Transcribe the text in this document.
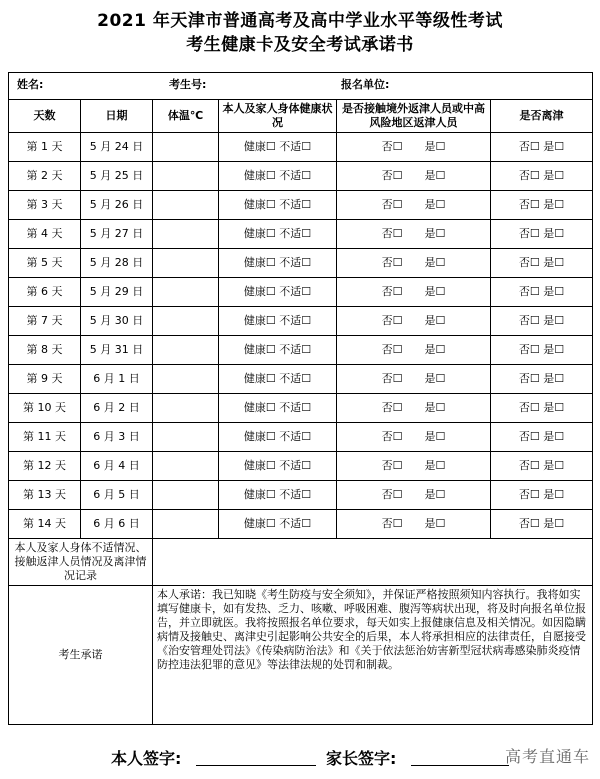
2021 年天津市普通高考及高中学业水平等级性考试
考生健康卡及安全考试承诺书
姓名: 考生号: 报名单位:					

天数	日期	体温℃	本人及家人身体健康状况	是否接触境外返津人员或中高风险地区返津人员	是否离津
第 1 天	5 月 24 日		健康☐ 不适☐	否☐ 是☐	否☐ 是☐
第 2 天	5 月 25 日		健康☐ 不适☐	否☐ 是☐	否☐ 是☐
第 3 天	5 月 26 日		健康☐ 不适☐	否☐ 是☐	否☐ 是☐
第 4 天	5 月 27 日		健康☐ 不适☐	否☐ 是☐	否☐ 是☐
第 5 天	5 月 28 日		健康☐ 不适☐	否☐ 是☐	否☐ 是☐
第 6 天	5 月 29 日		健康☐ 不适☐	否☐ 是☐	否☐ 是☐
第 7 天	5 月 30 日		健康☐ 不适☐	否☐ 是☐	否☐ 是☐
第 8 天	5 月 31 日		健康☐ 不适☐	否☐ 是☐	否☐ 是☐
第 9 天	6 月 1 日		健康☐ 不适☐	否☐ 是☐	否☐ 是☐
第 10 天	6 月 2 日		健康☐ 不适☐	否☐ 是☐	否☐ 是☐
第 11 天	6 月 3 日		健康☐ 不适☐	否☐ 是☐	否☐ 是☐
第 12 天	6 月 4 日		健康☐ 不适☐	否☐ 是☐	否☐ 是☐
第 13 天	6 月 5 日		健康☐ 不适☐	否☐ 是☐	否☐ 是☐
第 14 天	6 月 6 日		健康☐ 不适☐	否☐ 是☐	否☐ 是☐
本人及家人身体不适情况、接触返津人员情况及离津情况记录					
考生承诺		本人承诺：我已知晓《考生防疫与安全须知》，并保证严格按照须知内容执行。我将如实填写健康卡，如有发热、乏力、咳嗽、呼吸困难、腹泻等病状出现，将及时向报名单位报告，并立即就医。我将按照报名单位要求，每天如实上报健康信息及相关情况。如因隐瞒病情及接触史、离津史引起影响公共安全的后果，本人将承担相应的法律责任，自愿接受《治安管理处罚法》《传染病防治法》和《关于依法惩治妨害新型冠状病毒感染肺炎疫情防控违法犯罪的意见》等法律法规的处罚和制裁。			
本人签字:	家长签字:	高考直通车
